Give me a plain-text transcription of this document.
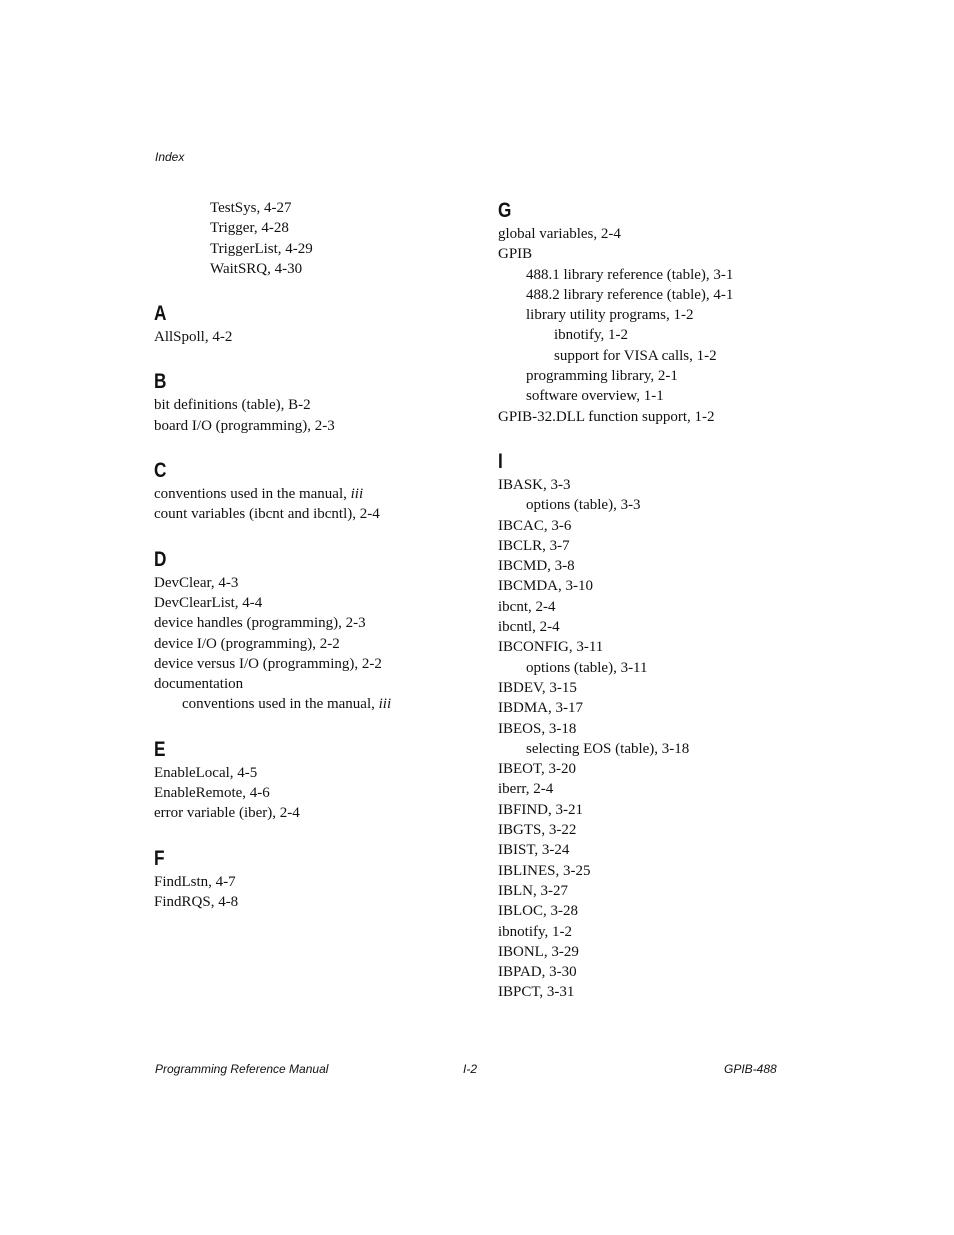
Index
TestSys, 4-27
Trigger, 4-28
TriggerList, 4-29
WaitSRQ, 4-30
A
AllSpoll, 4-2
B
bit definitions (table), B-2
board I/O (programming), 2-3
C
conventions used in the manual, iii
count variables (ibcnt and ibcntl), 2-4
D
DevClear, 4-3
DevClearList, 4-4
device handles (programming), 2-3
device I/O (programming), 2-2
device versus I/O (programming), 2-2
documentation
conventions used in the manual, iii
E
EnableLocal, 4-5
EnableRemote, 4-6
error variable (iber), 2-4
F
FindLstn, 4-7
FindRQS, 4-8
G
global variables, 2-4
GPIB
488.1 library reference (table), 3-1
488.2 library reference (table), 4-1
library utility programs, 1-2
ibnotify, 1-2
support for VISA calls, 1-2
programming library, 2-1
software overview, 1-1
GPIB-32.DLL function support, 1-2
I
IBASK, 3-3
options (table), 3-3
IBCAC, 3-6
IBCLR, 3-7
IBCMD, 3-8
IBCMDA, 3-10
ibcnt, 2-4
ibcntl, 2-4
IBCONFIG, 3-11
options (table), 3-11
IBDEV, 3-15
IBDMA, 3-17
IBEOS, 3-18
selecting EOS (table), 3-18
IBEOT, 3-20
iberr, 2-4
IBFIND, 3-21
IBGTS, 3-22
IBIST, 3-24
IBLINES, 3-25
IBLN, 3-27
IBLOC, 3-28
ibnotify, 1-2
IBONL, 3-29
IBPAD, 3-30
IBPCT, 3-31
Programming Reference Manual	I-2	GPIB-488
